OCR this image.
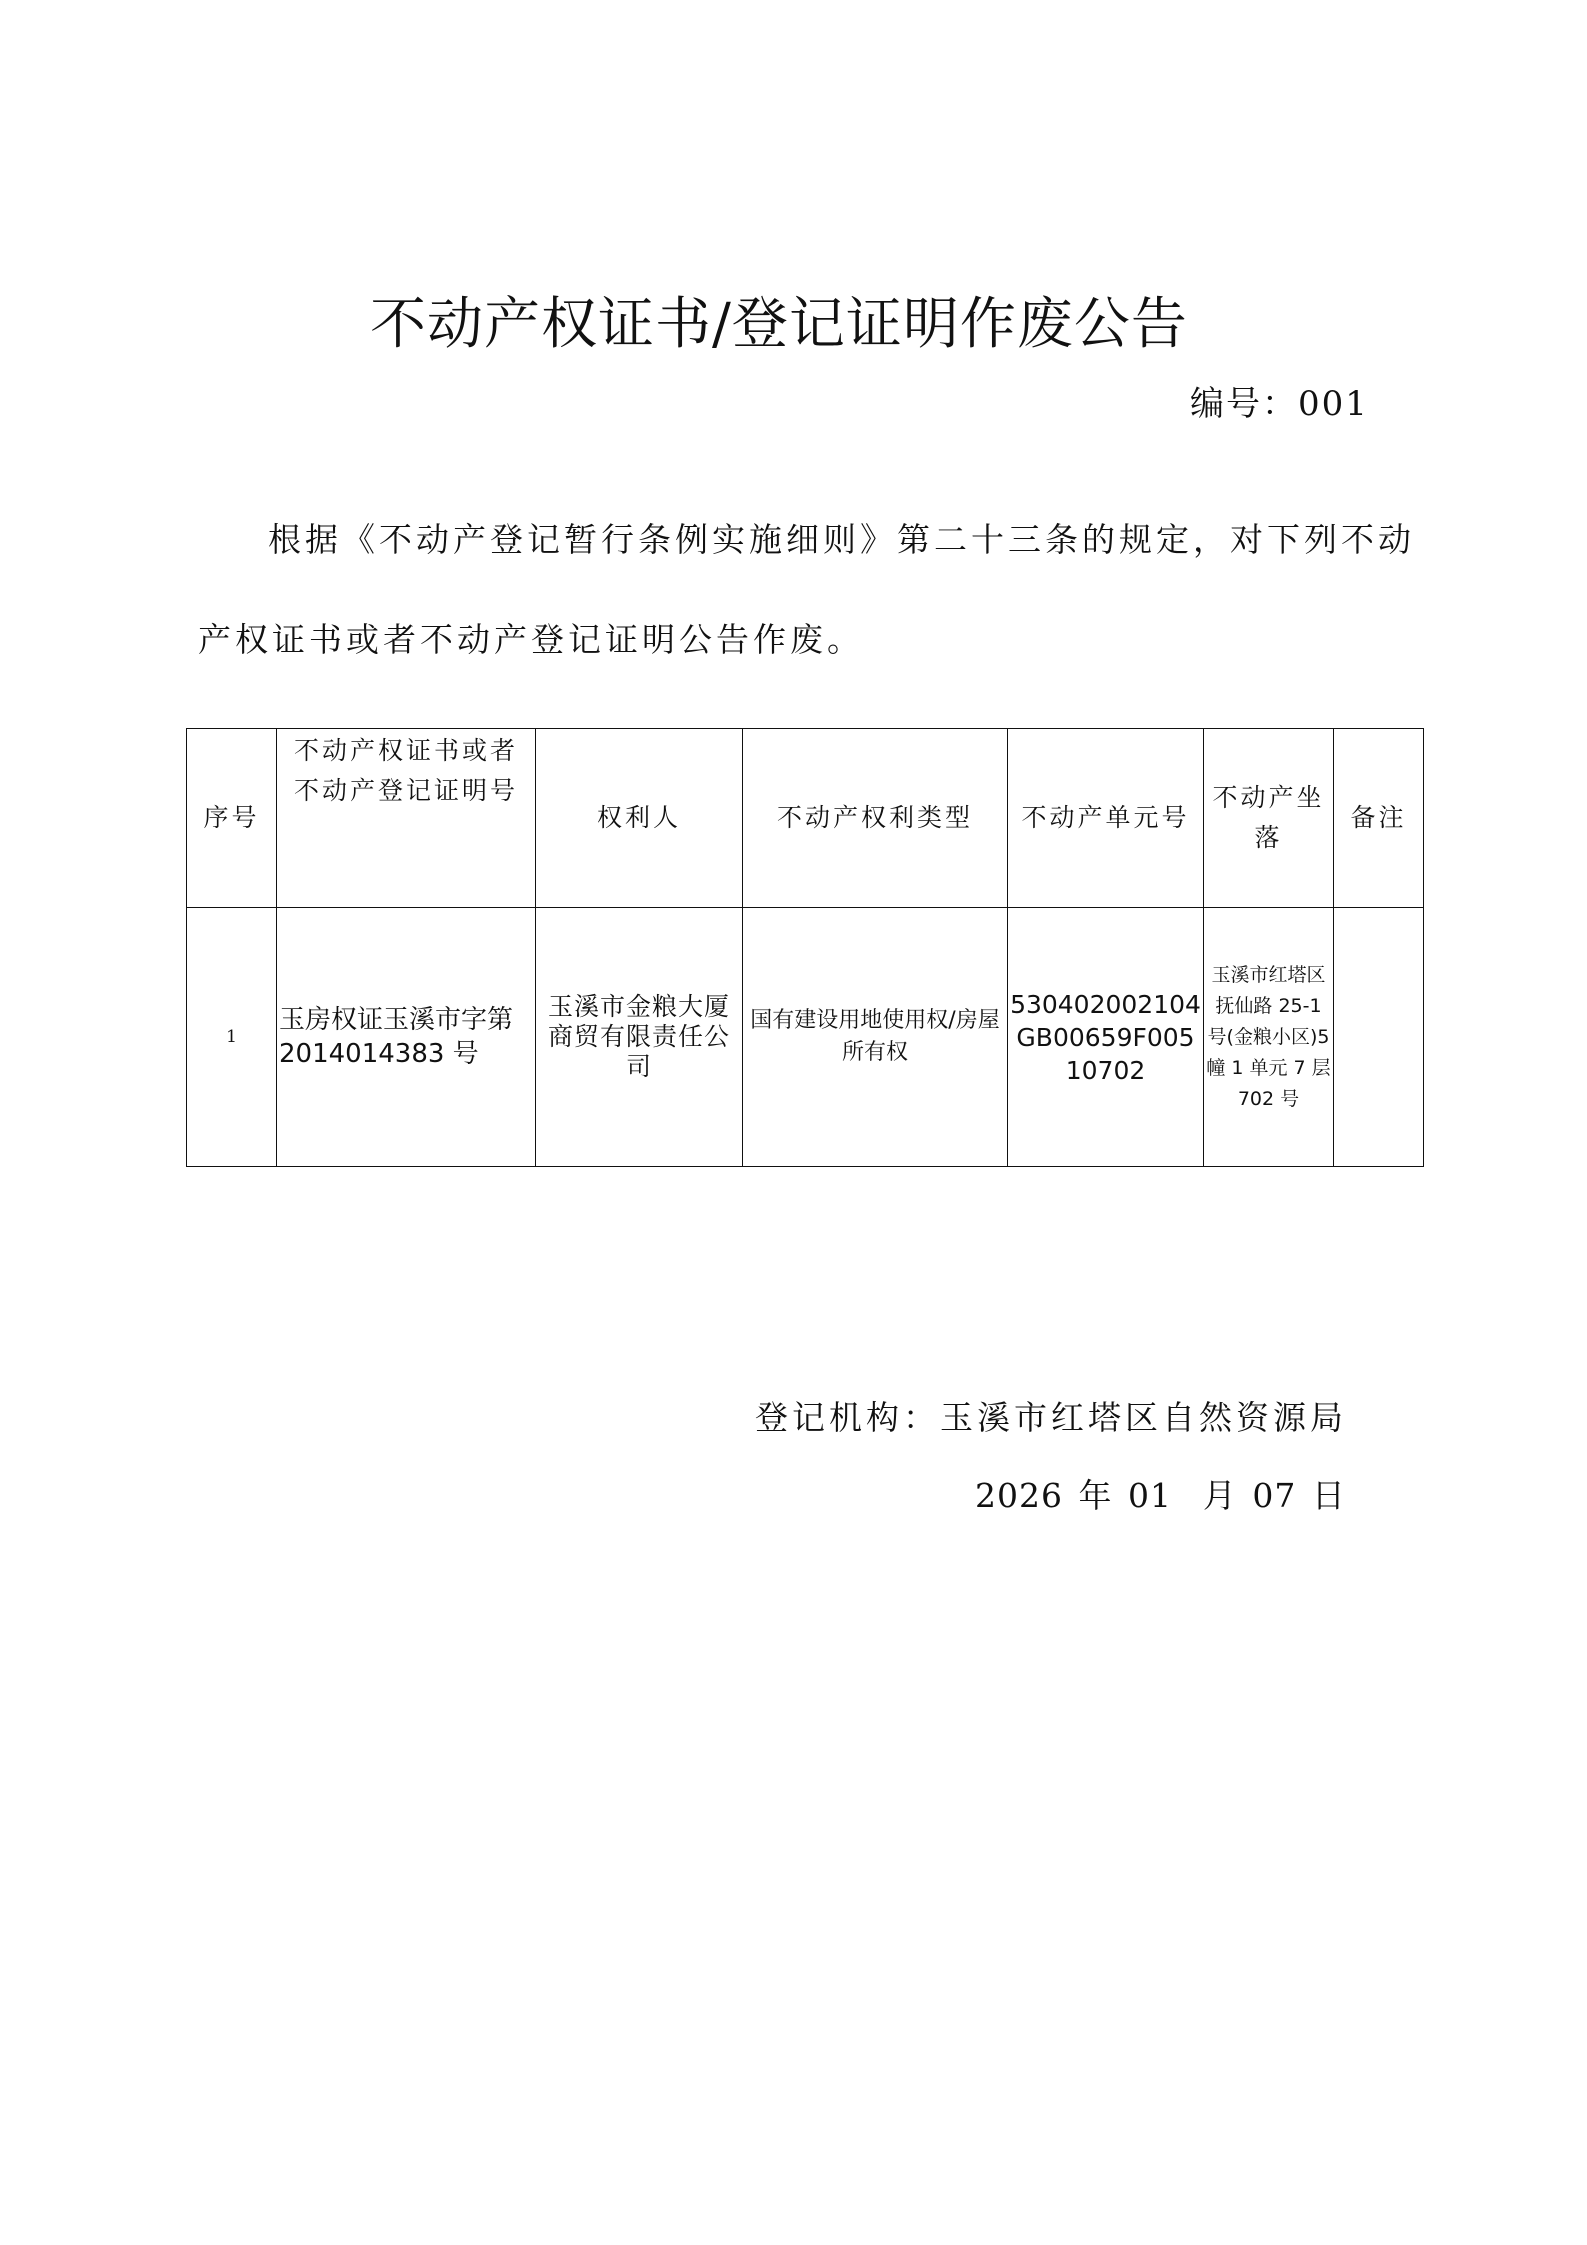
不动产权证书/登记证明作废公告
编号：001
根据《不动产登记暂行条例实施细则》第二十三条的规定，对下列不动
产权证书或者不动产登记证明公告作废。
序号	不动产权证书或者不动产登记证明号	权利人	不动产权利类型	不动产单元号	不动产坐落	备注
1	玉房权证玉溪市字第2014014383 号	玉溪市金粮大厦商贸有限责任公司	国有建设用地使用权/房屋所有权	530402002104GB00659F00510702	玉溪市红塔区抚仙路 25-1 号(金粮小区)5 幢 1 单元 7 层 702 号	
登记机构：玉溪市红塔区自然资源局
2026 年 01  月 07 日
